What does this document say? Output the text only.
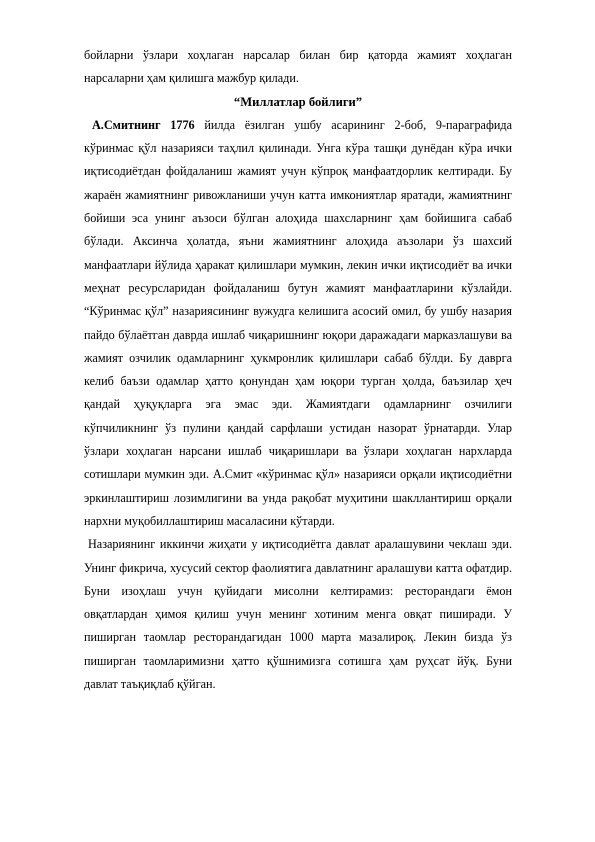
бойларни ўзлари хоҳлаган нарсалар билан бир қаторда жамият хоҳлаган нарсаларни ҳам қилишга мажбур қилади.

“Миллатлар бойлиги”

А.Смитнинг 1776 йилда ёзилган ушбу асарининг 2-боб, 9-параграфида кўринмас қўл назарияси таҳлил қилинади. Унга кўра ташқи дунёдан кўра ички иқтисодиётдан фойдаланиш жамият учун кўпроқ манфаатдорлик келтиради. Бу жараён жамиятнинг ривожланиши учун катта имкониятлар яратади, жамиятнинг бойиши эса унинг аъзоси бўлган алоҳида шахсларнинг ҳам бойишига сабаб бўлади. Аксинча ҳолатда, яъни жамиятнинг алоҳида аъзолари ўз шахсий манфаатлари йўлида ҳаракат қилишлари мумкин, лекин ички иқтисодиёт ва ички меҳнат ресурсларидан фойдаланиш бутун жамият манфаатларини кўзлайди. “Кўринмас қўл” назариясининг вужудга келишига асосий омил, бу ушбу назария пайдо бўлаётган даврда ишлаб чиқаришнинг юқори даражадаги марказлашуви ва жамият озчилик одамларнинг ҳукмронлик қилишлари сабаб бўлди. Бу даврга келиб баъзи одамлар ҳатто қонундан ҳам юқори турган ҳолда, баъзилар ҳеч қандай ҳуқуқларга эга эмас эди. Жамиятдаги одамларнинг озчилиги кўпчиликнинг ўз пулини қандай сарфлаши устидан назорат ўрнатарди. Улар ўзлари хоҳлаган нарсани ишлаб чиқаришлари ва ўзлари хоҳлаган нархларда сотишлари мумкин эди. А.Смит «кўринмас қўл» назарияси орқали иқтисодиётни эркинлаштириш лозимлигини ва унда рақобат муҳитини шакллантириш орқали нархни муқобиллаштириш масаласини кўтарди.

Назариянинг иккинчи жиҳати у иқтисодиётга давлат аралашувини чеклаш эди. Унинг фикрича, хусусий сектор фаолиятига давлатнинг аралашуви катта офатдир. Буни изоҳлаш учун қуйидаги мисолни келтирамиз: ресторандаги ёмон овқатлардан ҳимоя қилиш учун менинг хотиним менга овқат пиширади. У пиширган таомлар ресторандагидан 1000 марта мазалироқ. Лекин бизда ўз пиширган таомларимизни ҳатто қўшнимизга сотишга ҳам руҳсат йўқ. Буни давлат таъқиқлаб қўйган.
